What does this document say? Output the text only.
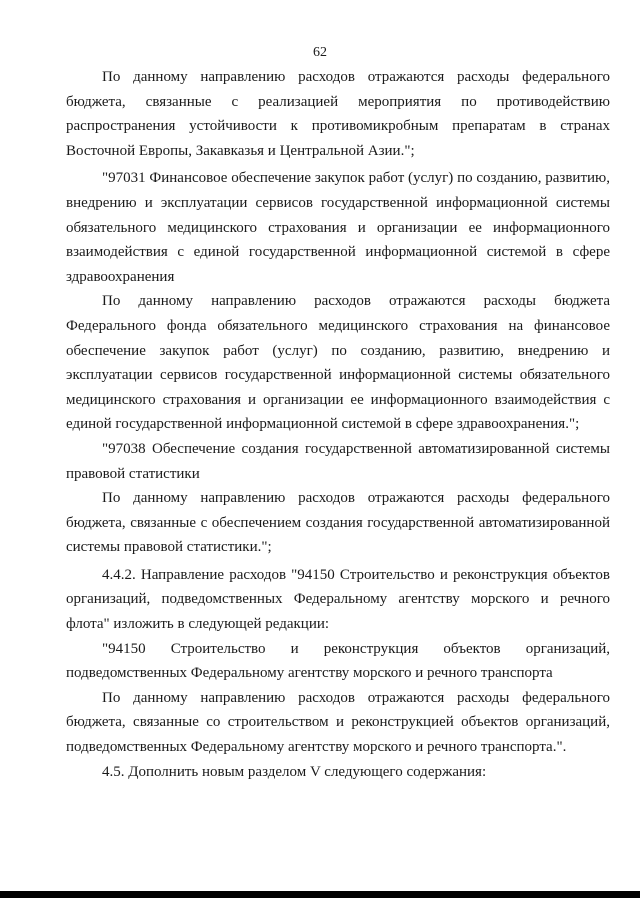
62

По данному направлению расходов отражаются расходы федерального бюджета, связанные с реализацией мероприятия по противодействию распространения устойчивости к противомикробным препаратам в странах Восточной Европы, Закавказья и Центральной Азии.";

"97031 Финансовое обеспечение закупок работ (услуг) по созданию, развитию, внедрению и эксплуатации сервисов государственной информационной системы обязательного медицинского страхования и организации ее информационного взаимодействия с единой государственной информационной системой в сфере здравоохранения

По данному направлению расходов отражаются расходы бюджета Федерального фонда обязательного медицинского страхования на финансовое обеспечение закупок работ (услуг) по созданию, развитию, внедрению и эксплуатации сервисов государственной информационной системы обязательного медицинского страхования и организации ее информационного взаимодействия с единой государственной информационной системой в сфере здравоохранения.";

"97038 Обеспечение создания государственной автоматизированной системы правовой статистики

По данному направлению расходов отражаются расходы федерального бюджета, связанные с обеспечением создания государственной автоматизированной системы правовой статистики.";

4.4.2. Направление расходов "94150 Строительство и реконструкция объектов организаций, подведомственных Федеральному агентству морского и речного флота" изложить в следующей редакции:

"94150 Строительство и реконструкция объектов организаций, подведомственных Федеральному агентству морского и речного транспорта

По данному направлению расходов отражаются расходы федерального бюджета, связанные со строительством и реконструкцией объектов организаций, подведомственных Федеральному агентству морского и речного транспорта.".

4.5. Дополнить новым разделом V следующего содержания:
